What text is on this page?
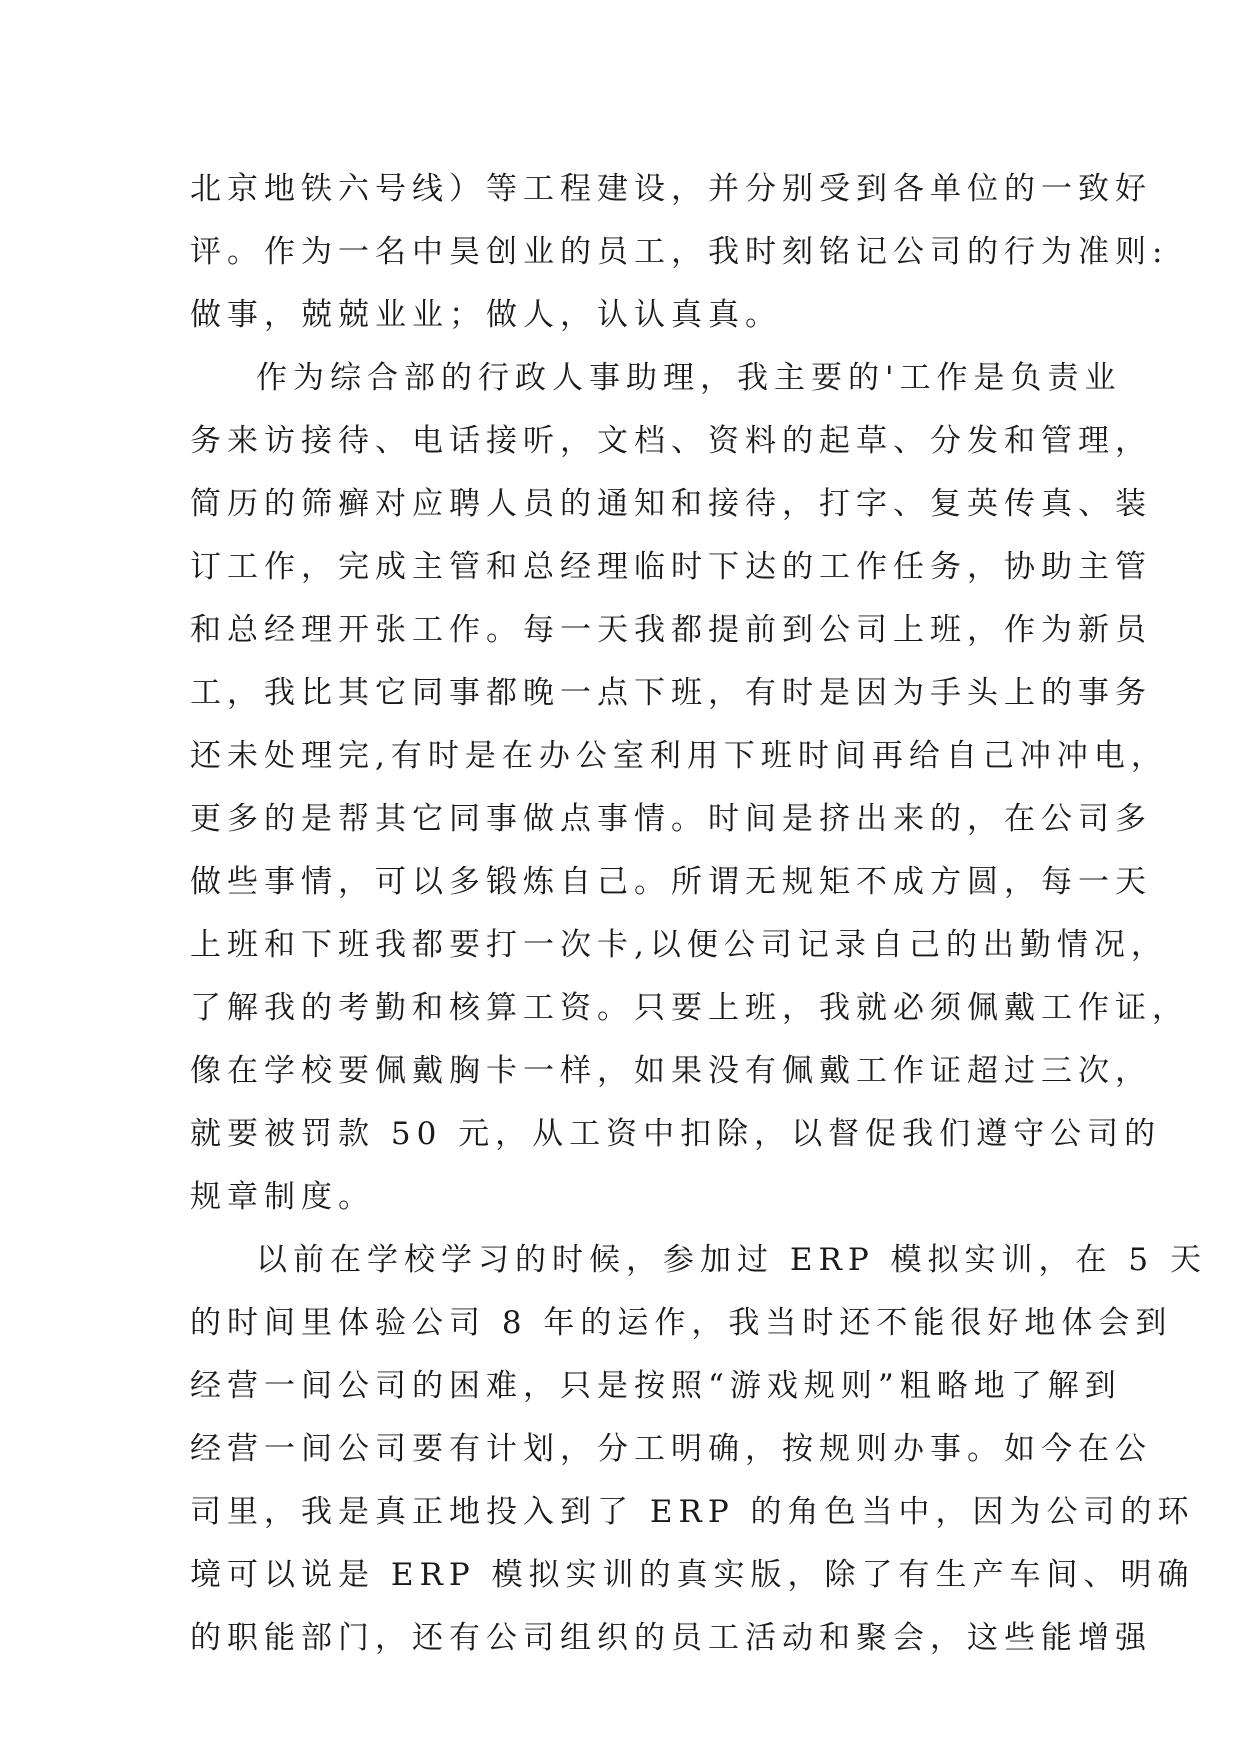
北京地铁六号线）等工程建设，并分别受到各单位的一致好
评。作为一名中昊创业的员工，我时刻铭记公司的行为准则:
做事，兢兢业业；做人，认认真真。

作为综合部的行政人事助理，我主要的'工作是负责业
务来访接待、电话接听，文档、资料的起草、分发和管理，
简历的筛癣对应聘人员的通知和接待，打字、复英传真、装
订工作，完成主管和总经理临时下达的工作任务，协助主管
和总经理开张工作。每一天我都提前到公司上班，作为新员
工，我比其它同事都晚一点下班，有时是因为手头上的事务
还未处理完,有时是在办公室利用下班时间再给自己冲冲电，
更多的是帮其它同事做点事情。时间是挤出来的，在公司多
做些事情，可以多锻炼自己。所谓无规矩不成方圆，每一天
上班和下班我都要打一次卡,以便公司记录自己的出勤情况，
了解我的考勤和核算工资。只要上班，我就必须佩戴工作证，
像在学校要佩戴胸卡一样，如果没有佩戴工作证超过三次，
就要被罚款 50 元，从工资中扣除，以督促我们遵守公司的
规章制度。

以前在学校学习的时候，参加过 ERP 模拟实训，在 5 天
的时间里体验公司 8 年的运作，我当时还不能很好地体会到
经营一间公司的困难，只是按照“游戏规则”粗略地了解到
经营一间公司要有计划，分工明确，按规则办事。如今在公
司里，我是真正地投入到了 ERP 的角色当中，因为公司的环
境可以说是 ERP 模拟实训的真实版，除了有生产车间、明确
的职能部门，还有公司组织的员工活动和聚会，这些能增强
